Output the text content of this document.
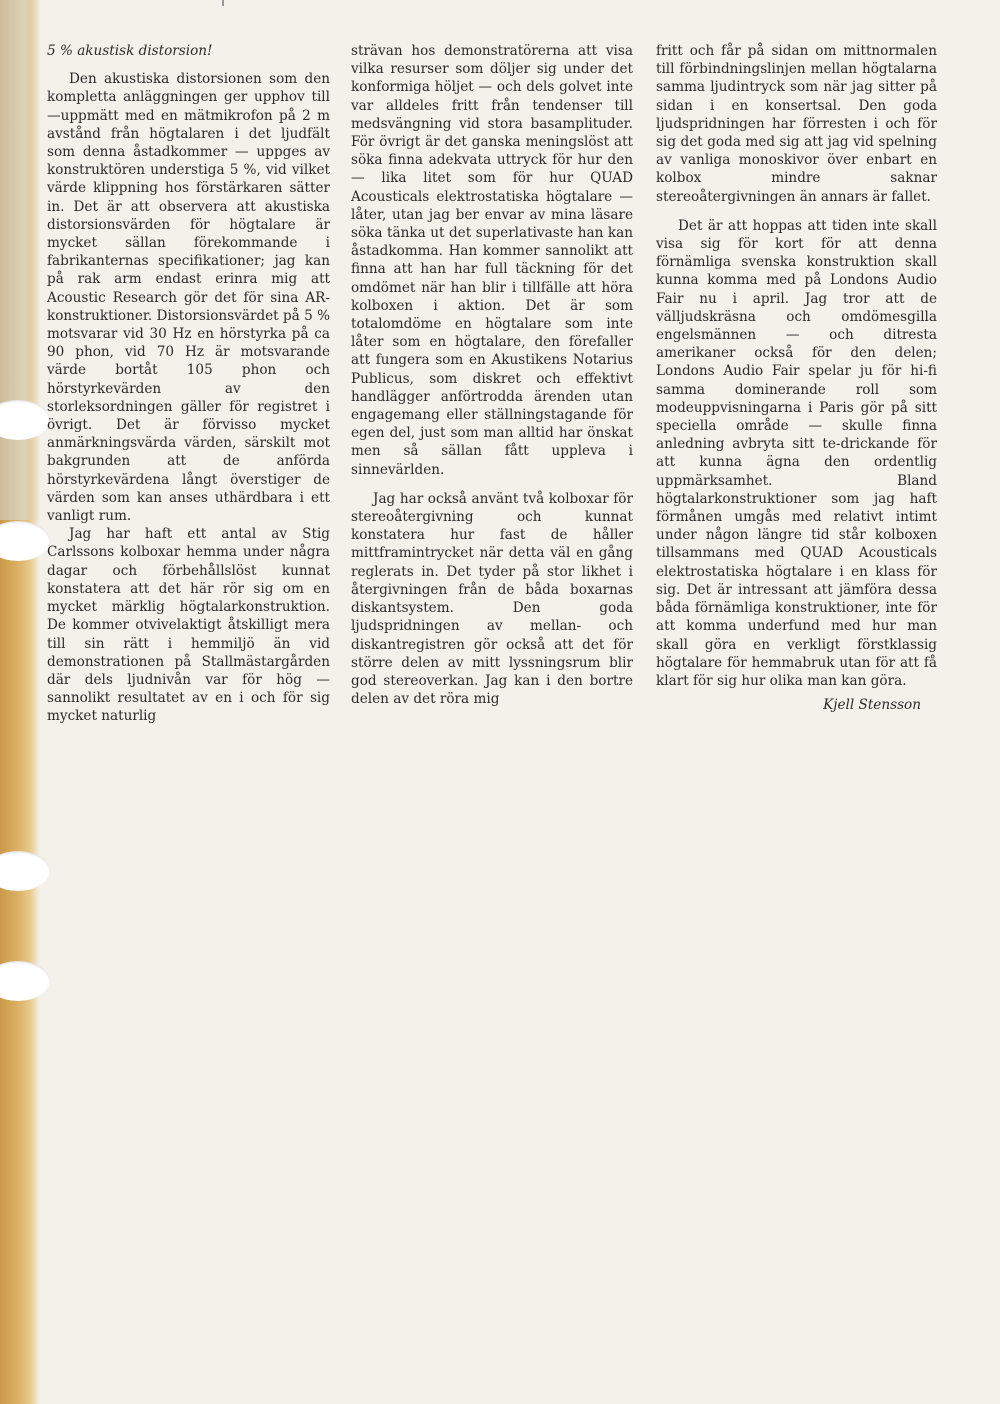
5 % akustisk distorsion!

Den akustiska distorsionen som den kompletta anläggningen ger upphov till—uppmätt med en mätmikrofon på 2 m avstånd från högtalaren i det ljudfält som denna åstadkommer — uppges av konstruktören understiga 5 %, vid vilket värde klippning hos förstärkaren sätter in. Det är att observera att akustiska distorsionsvärden för högtalare är mycket sällan förekommande i fabrikanternas specifikationer; jag kan på rak arm endast erinra mig att Acoustic Research gör det för sina AR-konstruktioner. Distorsionsvärdet på 5 % motsvarar vid 30 Hz en hörstyrka på ca 90 phon, vid 70 Hz är motsvarande värde bortåt 105 phon och hörstyrkevärden av den storleksordningen gäller för registret i övrigt. Det är förvisso mycket anmärkningsvärda värden, särskilt mot bakgrunden att de anförda hörstyrkevärdena långt överstiger de värden som kan anses uthärdbara i ett vanligt rum.

Jag har haft ett antal av Stig Carlssons kolboxar hemma under några dagar och förbehållslöst kunnat konstatera att det här rör sig om en mycket märklig högtalarkonstruktion. De kommer otvivelaktigt åtskilligt mera till sin rätt i hemmiljö än vid demonstrationen på Stallmästargården där dels ljudnivån var för hög — sannolikt resultatet av en i och för sig mycket naturlig

strävan hos demonstratörerna att visa vilka resurser som döljer sig under det konformiga höljet — och dels golvet inte var alldeles fritt från tendenser till medsvängning vid stora basamplituder. För övrigt är det ganska meningslöst att söka finna adekvata uttryck för hur den — lika litet som för hur QUAD Acousticals elektrostatiska högtalare — låter, utan jag ber envar av mina läsare söka tänka ut det superlativaste han kan åstadkomma. Han kommer sannolikt att finna att han har full täckning för det omdömet när han blir i tillfälle att höra kolboxen i aktion. Det är som totalomdöme en högtalare som inte låter som en högtalare, den förefaller att fungera som en Akustikens Notarius Publicus, som diskret och effektivt handlägger anförtrodda ärenden utan engagemang eller ställningstagande för egen del, just som man alltid har önskat men så sällan fått uppleva i sinnevärlden.

Jag har också använt två kolboxar för stereoåtergivning och kunnat konstatera hur fast de håller mittframintrycket när detta väl en gång reglerats in. Det tyder på stor likhet i återgivningen från de båda boxarnas diskantsystem. Den goda ljudspridningen av mellan- och diskantregistren gör också att det för större delen av mitt lyssningsrum blir god stereoverkan. Jag kan i den bortre delen av det röra mig

fritt och får på sidan om mittnormalen till förbindningslinjen mellan högtalarna samma ljudintryck som när jag sitter på sidan i en konsertsal. Den goda ljudspridningen har förresten i och för sig det goda med sig att jag vid spelning av vanliga monoskivor över enbart en kolbox mindre saknar stereoåtergivningen än annars är fallet.

Det är att hoppas att tiden inte skall visa sig för kort för att denna förnämliga svenska konstruktion skall kunna komma med på Londons Audio Fair nu i april. Jag tror att de välljudskräsna och omdömesgilla engelsmännen — och ditresta amerikaner också för den delen; Londons Audio Fair spelar ju för hi-fi samma dominerande roll som modeuppvisningarna i Paris gör på sitt speciella område — skulle finna anledning avbryta sitt te-drickande för att kunna ägna den ordentlig uppmärksamhet. Bland högtalarkonstruktioner som jag haft förmånen umgås med relativt intimt under någon längre tid står kolboxen tillsammans med QUAD Acousticals elektrostatiska högtalare i en klass för sig. Det är intressant att jämföra dessa båda förnämliga konstruktioner, inte för att komma underfund med hur man skall göra en verkligt förstklassig högtalare för hemmabruk utan för att få klart för sig hur olika man kan göra.

Kjell Stensson
